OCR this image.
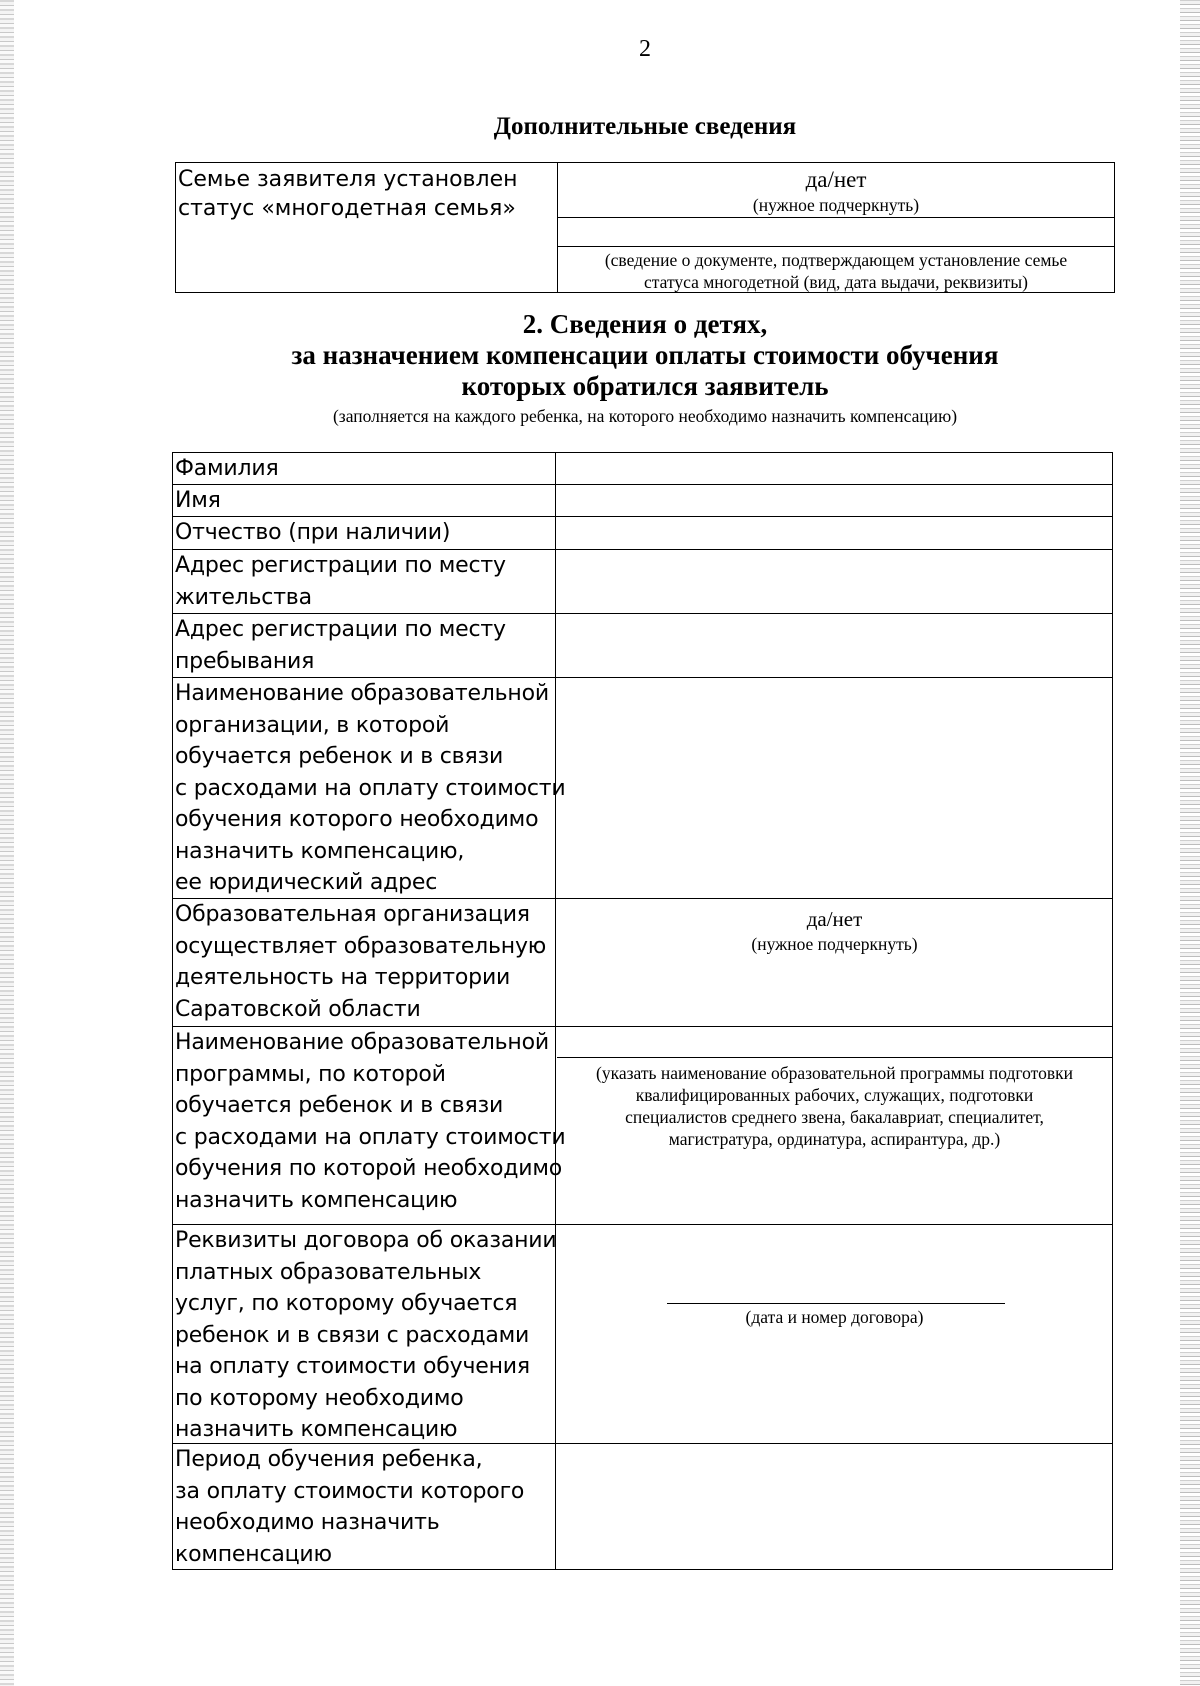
2
Дополнительные сведения
Семье заявителя установлен
статус «многодетная семья»
да/нет
(нужное подчеркнуть)
(сведение о документе, подтверждающем установление семье
статуса многодетной (вид, дата выдачи, реквизиты)
2. Сведения о детях,
за назначением компенсации оплаты стоимости обучения
которых обратился заявитель
(заполняется на каждого ребенка, на которого необходимо назначить компенсацию)
Фамилия
Имя
Отчество (при наличии)
Адрес регистрации по месту
жительства
Адрес регистрации по месту
пребывания
Наименование образовательной
организации, в которой
обучается ребенок и в связи
с расходами на оплату стоимости
обучения которого необходимо
назначить компенсацию,
ее юридический адрес
Образовательная организация
осуществляет образовательную
деятельность на территории
Саратовской области
да/нет
(нужное подчеркнуть)
Наименование образовательной
программы, по которой
обучается ребенок и в связи
с расходами на оплату стоимости
обучения по которой необходимо
назначить компенсацию
(указать наименование образовательной программы подготовки
квалифицированных рабочих, служащих, подготовки
специалистов среднего звена, бакалавриат, специалитет,
магистратура, ординатура, аспирантура, др.)
Реквизиты договора об оказании
платных образовательных
услуг, по которому обучается
ребенок и в связи с расходами
на оплату стоимости обучения
по которому необходимо
назначить компенсацию
(дата и номер договора)
Период обучения ребенка,
за оплату стоимости которого
необходимо назначить
компенсацию
